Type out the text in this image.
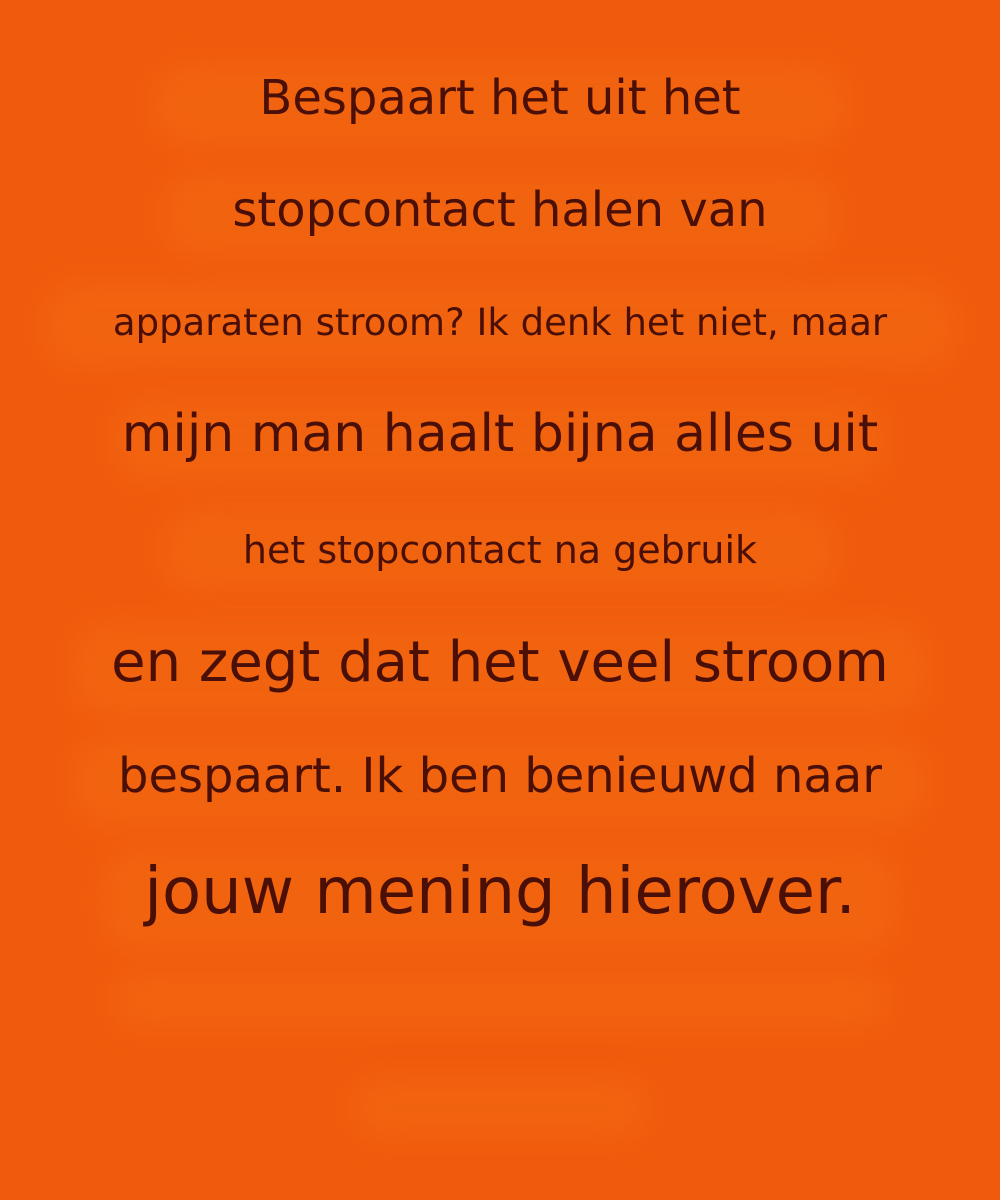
Bespaart het uit het
stopcontact halen van
apparaten stroom? Ik denk het niet, maar
mijn man haalt bijna alles uit
het stopcontact na gebruik
en zegt dat het veel stroom
bespaart. Ik ben benieuwd naar
jouw mening hierover.
